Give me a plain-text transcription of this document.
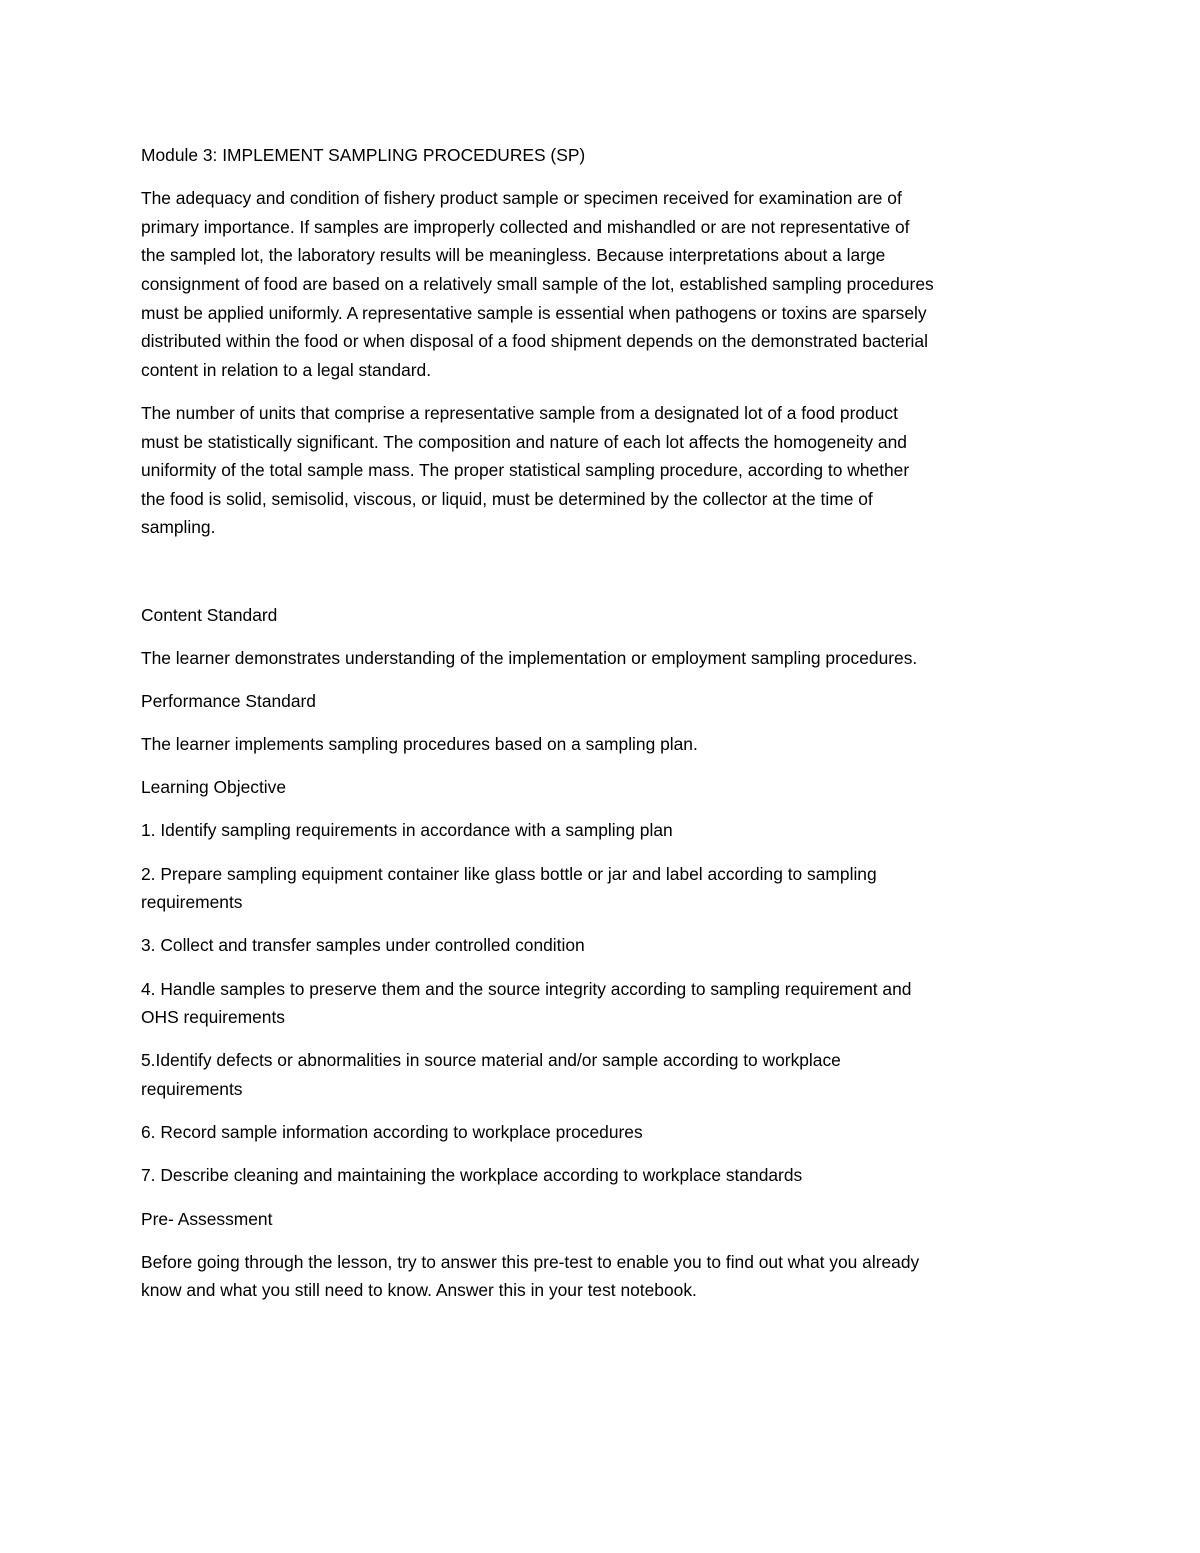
Module 3: IMPLEMENT SAMPLING PROCEDURES (SP)

The adequacy and condition of fishery product sample or specimen received for examination are of

primary importance. If samples are improperly collected and mishandled or are not representative of

the sampled lot, the laboratory results will be meaningless. Because interpretations about a large

consignment of food are based on a relatively small sample of the lot, established sampling procedures

must be applied uniformly. A representative sample is essential when pathogens or toxins are sparsely

distributed within the food or when disposal of a food shipment depends on the demonstrated bacterial

content in relation to a legal standard.

The number of units that comprise a representative sample from a designated lot of a food product

must be statistically significant. The composition and nature of each lot affects the homogeneity and

uniformity of the total sample mass. The proper statistical sampling procedure, according to whether

the food is solid, semisolid, viscous, or liquid, must be determined by the collector at the time of

sampling.

Content Standard

The learner demonstrates understanding of the implementation or employment sampling procedures.

Performance Standard

The learner implements sampling procedures based on a sampling plan.

Learning Objective

1. Identify sampling requirements in accordance with a sampling plan

2. Prepare sampling equipment container like glass bottle or jar and label according to sampling

requirements

3. Collect and transfer samples under controlled condition

4. Handle samples to preserve them and the source integrity according to sampling requirement and

OHS requirements

5.Identify defects or abnormalities in source material and/or sample according to workplace

requirements

6. Record sample information according to workplace procedures

7. Describe cleaning and maintaining the workplace according to workplace standards

Pre- Assessment

Before going through the lesson, try to answer this pre-test to enable you to find out what you already

know and what you still need to know. Answer this in your test notebook.
